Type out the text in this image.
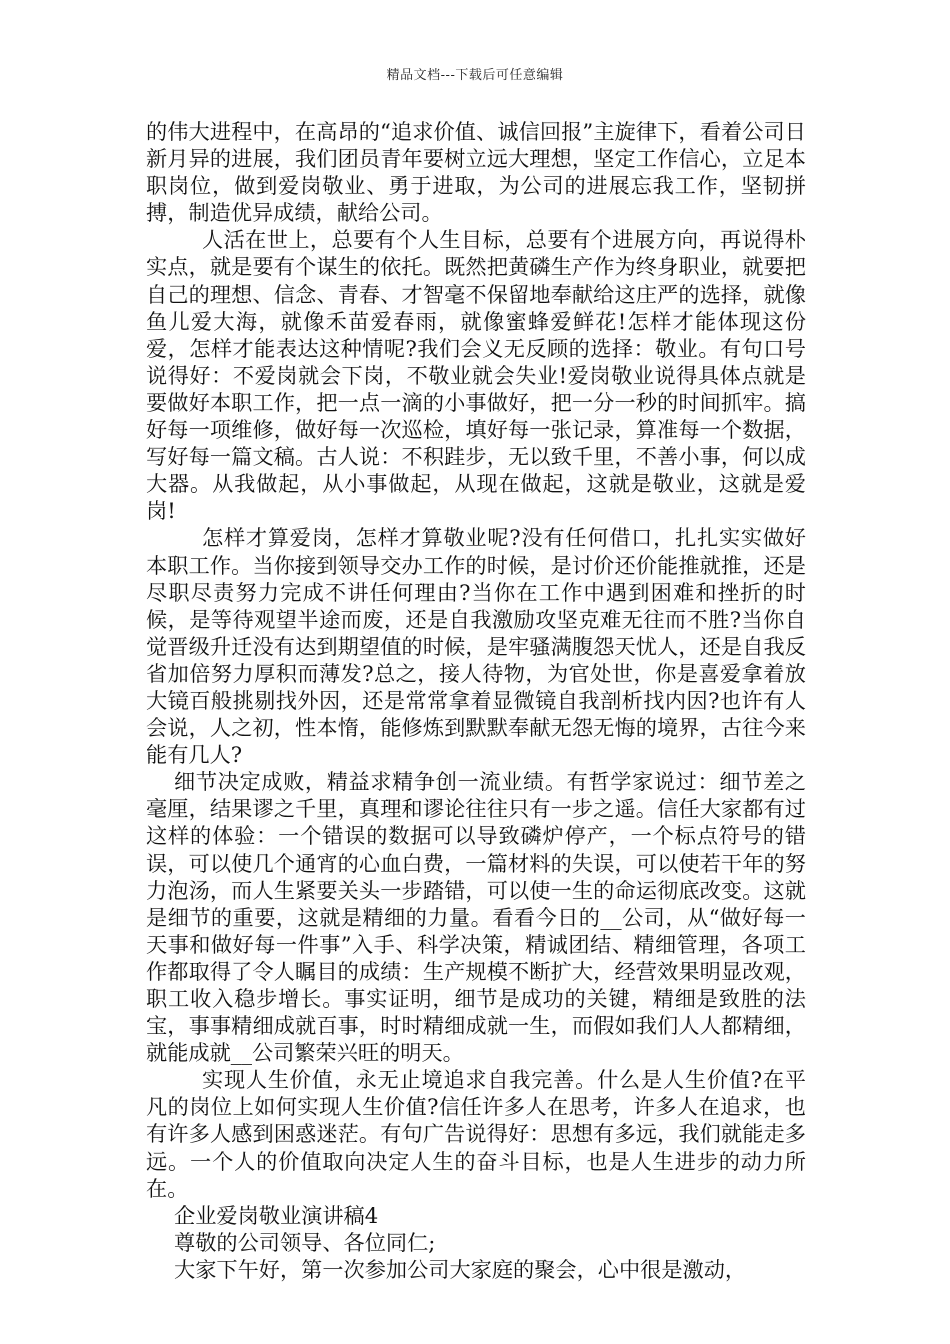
精品文档---下载后可任意编辑

的伟大进程中，在高昂的“追求价值、诚信回报”主旋律下，看着公司日新月异的进展，我们团员青年要树立远大理想，坚定工作信心，立足本职岗位，做到爱岗敬业、勇于进取，为公司的进展忘我工作，坚韧拼搏，制造优异成绩，献给公司。

人活在世上，总要有个人生目标，总要有个进展方向，再说得朴实点，就是要有个谋生的依托。既然把黄磷生产作为终身职业，就要把自己的理想、信念、青春、才智毫不保留地奉献给这庄严的选择，就像鱼儿爱大海，就像禾苗爱春雨，就像蜜蜂爱鲜花!怎样才能体现这份爱，怎样才能表达这种情呢?我们会义无反顾的选择：敬业。有句口号说得好：不爱岗就会下岗，不敬业就会失业!爱岗敬业说得具体点就是要做好本职工作，把一点一滴的小事做好，把一分一秒的时间抓牢。搞好每一项维修，做好每一次巡检，填好每一张记录，算准每一个数据，写好每一篇文稿。古人说：不积跬步，无以致千里，不善小事，何以成大器。从我做起，从小事做起，从现在做起，这就是敬业，这就是爱岗!

怎样才算爱岗，怎样才算敬业呢?没有任何借口，扎扎实实做好本职工作。当你接到领导交办工作的时候，是讨价还价能推就推，还是尽职尽责努力完成不讲任何理由?当你在工作中遇到困难和挫折的时候，是等待观望半途而废，还是自我激励攻坚克难无往而不胜?当你自觉晋级升迁没有达到期望值的时候，是牢骚满腹怨天忧人，还是自我反省加倍努力厚积而薄发?总之，接人待物，为官处世，你是喜爱拿着放大镜百般挑剔找外因，还是常常拿着显微镜自我剖析找内因?也许有人会说，人之初，性本惰，能修炼到默默奉献无怨无悔的境界，古往今来能有几人?

细节决定成败，精益求精争创一流业绩。有哲学家说过：细节差之毫厘，结果谬之千里，真理和谬论往往只有一步之遥。信任大家都有过这样的体验：一个错误的数据可以导致磷炉停产，一个标点符号的错误，可以使几个通宵的心血白费，一篇材料的失误，可以使若干年的努力泡汤，而人生紧要关头一步踏错，可以使一生的命运彻底改变。这就是细节的重要，这就是精细的力量。看看今日的__公司，从“做好每一天事和做好每一件事”入手、科学决策，精诚团结、精细管理，各项工作都取得了令人瞩目的成绩：生产规模不断扩大，经营效果明显改观，职工收入稳步增长。事实证明，细节是成功的关键，精细是致胜的法宝，事事精细成就百事，时时精细成就一生，而假如我们人人都精细，就能成就__公司繁荣兴旺的明天。

实现人生价值，永无止境追求自我完善。什么是人生价值?在平凡的岗位上如何实现人生价值?信任许多人在思考，许多人在追求，也有许多人感到困惑迷茫。有句广告说得好：思想有多远，我们就能走多远。一个人的价值取向决定人生的奋斗目标，也是人生进步的动力所在。

企业爱岗敬业演讲稿4

尊敬的公司领导、各位同仁;

大家下午好，第一次参加公司大家庭的聚会，心中很是激动，
